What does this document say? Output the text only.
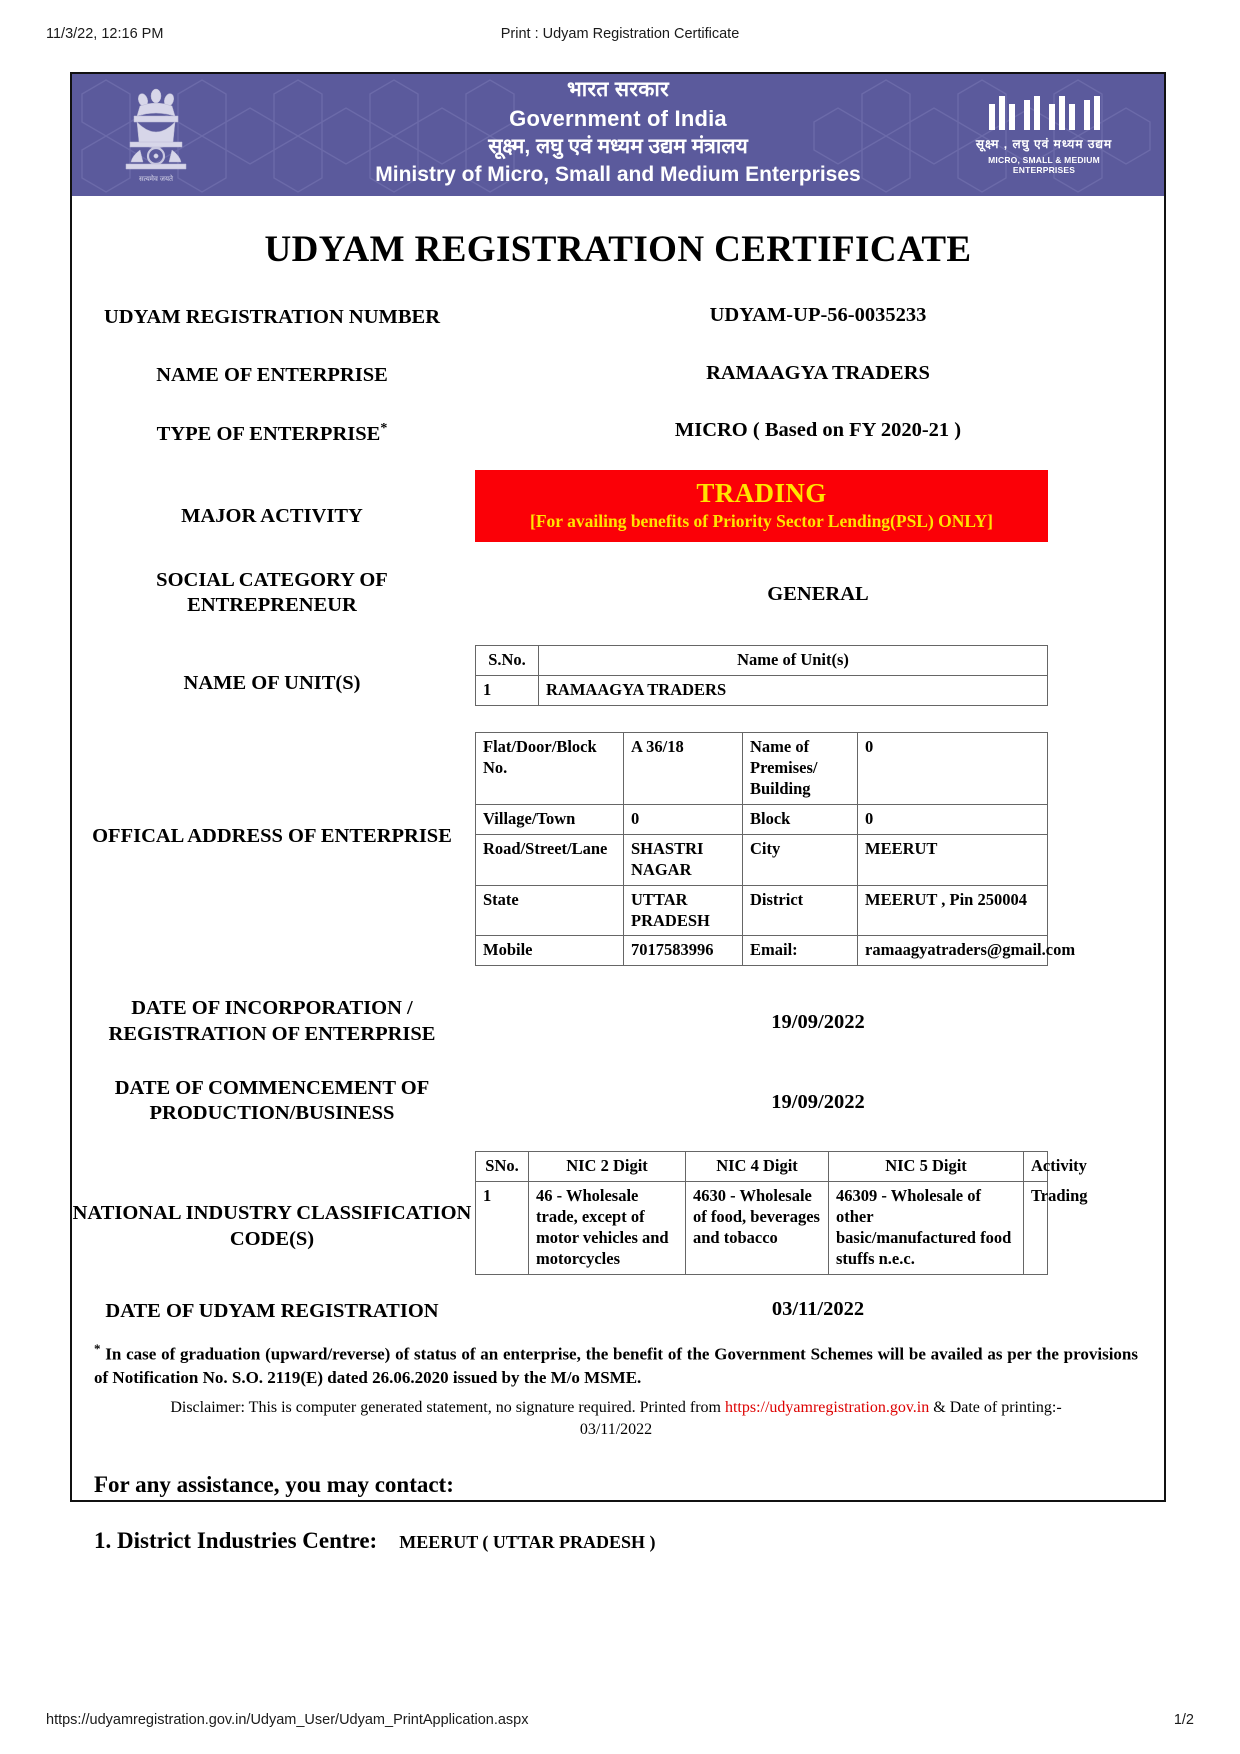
11/3/22, 12:16 PM	Print : Udyam Registration Certificate
सत्यमेव जयते
भारत सरकार
Government of India
सूक्ष्म, लघु एवं मध्यम उद्यम मंत्रालय
Ministry of Micro, Small and Medium Enterprises
सूक्ष्म , लघु एवं मध्यम उद्यम
MICRO, SMALL & MEDIUM ENTERPRISES
UDYAM REGISTRATION CERTIFICATE
UDYAM REGISTRATION NUMBER	UDYAM-UP-56-0035233
NAME OF ENTERPRISE	RAMAAGYA TRADERS
TYPE OF ENTERPRISE*	MICRO ( Based on FY 2020-21 )
MAJOR ACTIVITY
TRADING
[For availing benefits of Priority Sector Lending(PSL) ONLY]
SOCIAL CATEGORY OF ENTREPRENEUR
GENERAL
NAME OF UNIT(S)
S.No.	Name of Unit(s)
1	RAMAAGYA TRADERS
OFFICAL ADDRESS OF ENTERPRISE
Flat/Door/Block No.	A 36/18	Name of Premises/ Building	0
Village/Town	0	Block	0
Road/Street/Lane	SHASTRI NAGAR	City	MEERUT
State	UTTAR PRADESH	District	MEERUT , Pin 250004
Mobile	7017583996	Email:	ramaagyatraders@gmail.com
DATE OF INCORPORATION / REGISTRATION OF ENTERPRISE
19/09/2022
DATE OF COMMENCEMENT OF PRODUCTION/BUSINESS
19/09/2022
NATIONAL INDUSTRY CLASSIFICATION CODE(S)
SNo.	NIC 2 Digit	NIC 4 Digit	NIC 5 Digit	Activity
1	46 - Wholesale trade, except of motor vehicles and motorcycles	4630 - Wholesale of food, beverages and tobacco	46309 - Wholesale of other basic/manufactured food stuffs n.e.c.	Trading
DATE OF UDYAM REGISTRATION	03/11/2022
* In case of graduation (upward/reverse) of status of an enterprise, the benefit of the Government Schemes will be availed as per the provisions of Notification No. S.O. 2119(E) dated 26.06.2020 issued by the M/o MSME.
Disclaimer: This is computer generated statement, no signature required. Printed from https://udyamregistration.gov.in & Date of printing:-
03/11/2022
For any assistance, you may contact:
1. District Industries Centre: MEERUT ( UTTAR PRADESH )
https://udyamregistration.gov.in/Udyam_User/Udyam_PrintApplication.aspx	1/2
